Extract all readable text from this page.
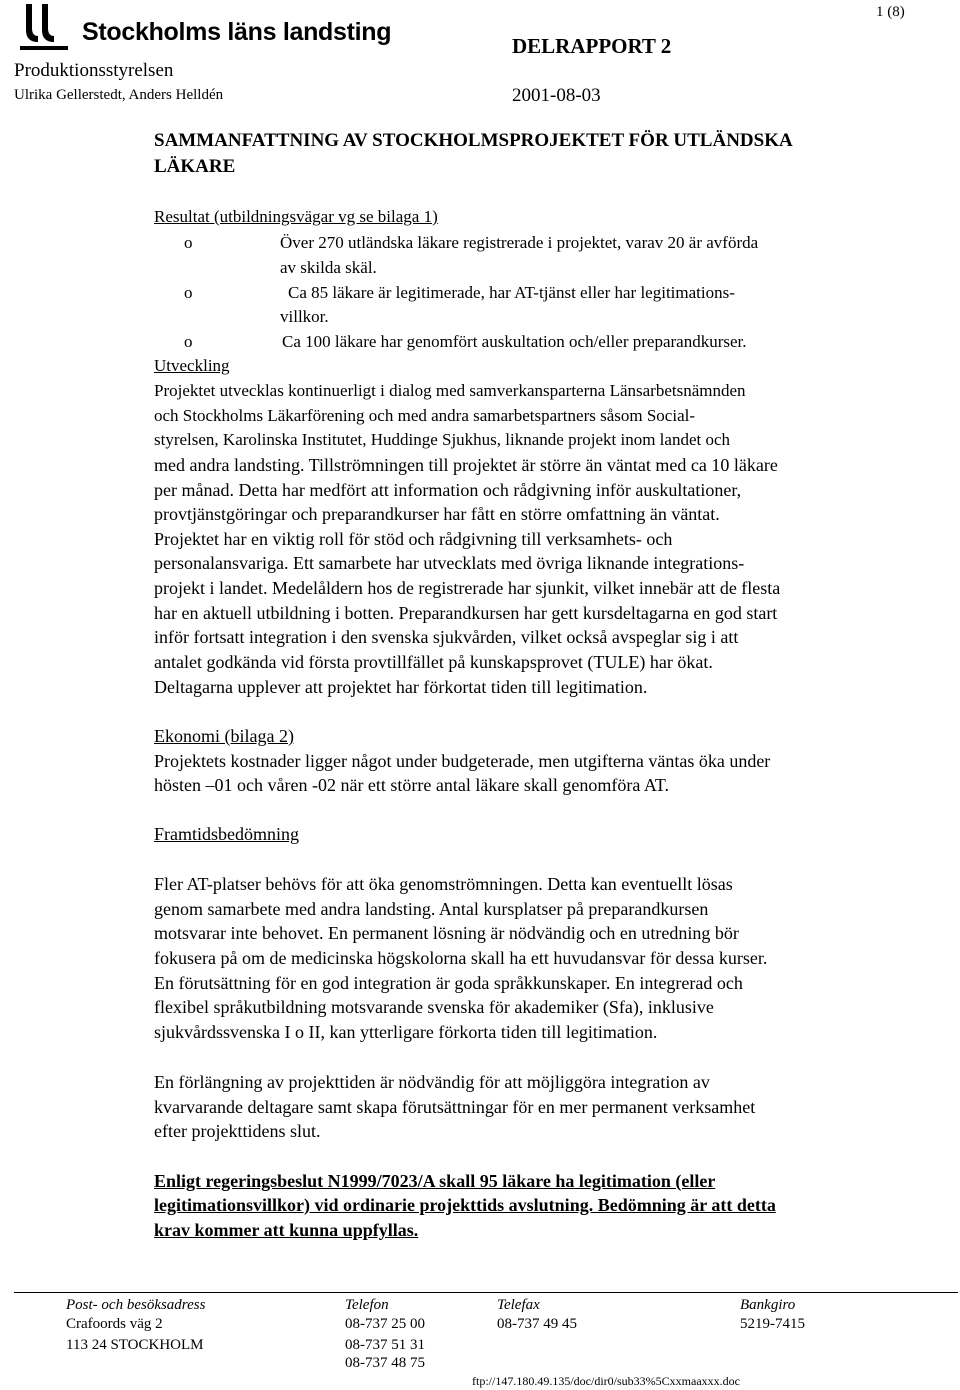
Stockholms läns landsting
1 (8)
Produktionsstyrelsen
Ulrika Gellerstedt, Anders Helldén
DELRAPPORT 2
2001-08-03
SAMMANFATTNING AV STOCKHOLMSPROJEKTET FÖR UTLÄNDSKA
LÄKARE
Resultat (utbildningsvägar vg se bilaga 1)
o	Över 270 utländska läkare registrerade i projektet, varav 20 är avförda
av skilda skäl.
o	Ca 85 läkare är legitimerade, har AT-tjänst eller har legitimations-
villkor.
o	Ca 100 läkare har genomfört auskultation och/eller preparandkurser.
Utveckling
Projektet utvecklas kontinuerligt i dialog med samverkansparterna Länsarbetsnämnden
och Stockholms Läkarförening och med andra samarbetspartners såsom Social-
styrelsen, Karolinska Institutet, Huddinge Sjukhus, liknande projekt inom landet och
med andra landsting. Tillströmningen till projektet är större än väntat med ca 10 läkare
per månad. Detta har medfört att information och rådgivning inför auskultationer,
provtjänstgöringar och preparandkurser har fått en större omfattning än väntat.
Projektet har en viktig roll för stöd och rådgivning till verksamhets- och
personalansvariga. Ett samarbete har utvecklats med övriga liknande integrations-
projekt i landet. Medelåldern hos de registrerade har sjunkit, vilket innebär att de flesta
har en aktuell utbildning i botten. Preparandkursen har gett kursdeltagarna en god start
inför fortsatt integration i den svenska sjukvården, vilket också avspeglar sig i att
antalet godkända vid första provtillfället på kunskapsprovet (TULE) har ökat.
Deltagarna upplever att projektet har förkortat tiden till legitimation.
Ekonomi (bilaga 2)
Projektets kostnader ligger något under budgeterade, men utgifterna väntas öka under
hösten –01 och våren -02 när ett större antal läkare skall genomföra AT.
Framtidsbedömning
Fler AT-platser behövs för att öka genomströmningen. Detta kan eventuellt lösas
genom samarbete med andra landsting. Antal kursplatser på preparandkursen
motsvarar inte behovet. En permanent lösning är nödvändig och en utredning bör
fokusera på om de medicinska högskolorna skall ha ett huvudansvar för dessa kurser.
En förutsättning för en god integration är goda språkkunskaper. En integrerad och
flexibel språkutbildning motsvarande svenska för akademiker (Sfa), inklusive
sjukvårdssvenska I o II, kan ytterligare förkorta tiden till legitimation.
En förlängning av projekttiden är nödvändig för att möjliggöra integration av
kvarvarande deltagare samt skapa förutsättningar för en mer permanent verksamhet
efter projekttidens slut.
Enligt regeringsbeslut N1999/7023/A skall 95 läkare ha legitimation (eller
legitimationsvillkor) vid ordinarie projekttids avslutning. Bedömning är att detta
krav kommer att kunna uppfyllas.
Post- och besöksadress	Telefon	Telefax	Bankgiro
Crafoords väg 2	08-737 25 00	08-737 49 45	5219-7415
113 24 STOCKHOLM	08-737 51 31
08-737 48 75
ftp://147.180.49.135/doc/dir0/sub33%5Cxxmaaxxx.doc
